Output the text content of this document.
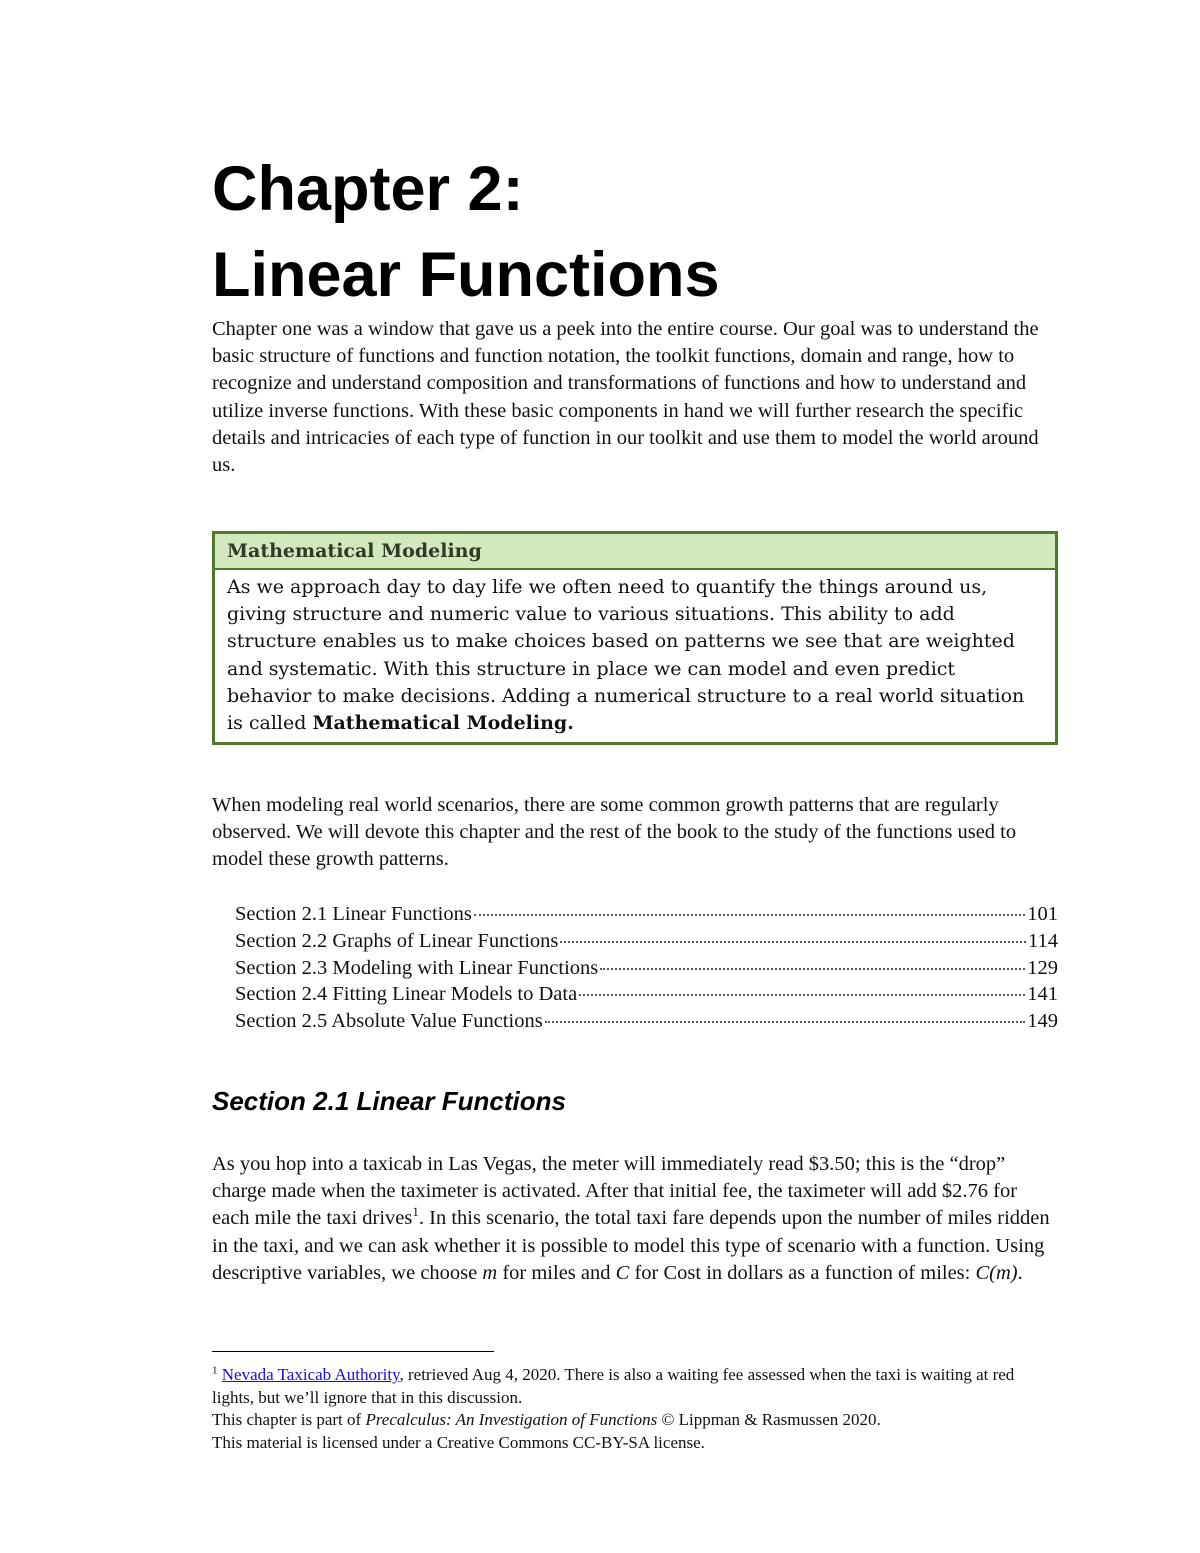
Chapter 2:
Linear Functions

Chapter one was a window that gave us a peek into the entire course. Our goal was to understand the basic structure of functions and function notation, the toolkit functions, domain and range, how to recognize and understand composition and transformations of functions and how to understand and utilize inverse functions. With these basic components in hand we will further research the specific details and intricacies of each type of function in our toolkit and use them to model the world around us.

Mathematical Modeling
As we approach day to day life we often need to quantify the things around us, giving structure and numeric value to various situations. This ability to add structure enables us to make choices based on patterns we see that are weighted and systematic. With this structure in place we can model and even predict behavior to make decisions. Adding a numerical structure to a real world situation is called Mathematical Modeling.

When modeling real world scenarios, there are some common growth patterns that are regularly observed. We will devote this chapter and the rest of the book to the study of the functions used to model these growth patterns.

Section 2.1 Linear Functions	101
Section 2.2 Graphs of Linear Functions	114
Section 2.3 Modeling with Linear Functions	129
Section 2.4 Fitting Linear Models to Data	141
Section 2.5 Absolute Value Functions	149
Section 2.1 Linear Functions

As you hop into a taxicab in Las Vegas, the meter will immediately read $3.50; this is the “drop” charge made when the taximeter is activated. After that initial fee, the taximeter will add $2.76 for each mile the taxi drives$^1$. In this scenario, the total taxi fare depends upon the number of miles ridden in the taxi, and we can ask whether it is possible to model this type of scenario with a function. Using descriptive variables, we choose m for miles and C for Cost in dollars as a function of miles: C(m).

$^1$ Nevada Taxicab Authority, retrieved Aug 4, 2020. There is also a waiting fee assessed when the taxi is waiting at red lights, but we’ll ignore that in this discussion.

This chapter is part of Precalculus: An Investigation of Functions © Lippman & Rasmussen 2020.

This material is licensed under a Creative Commons CC-BY-SA license.
